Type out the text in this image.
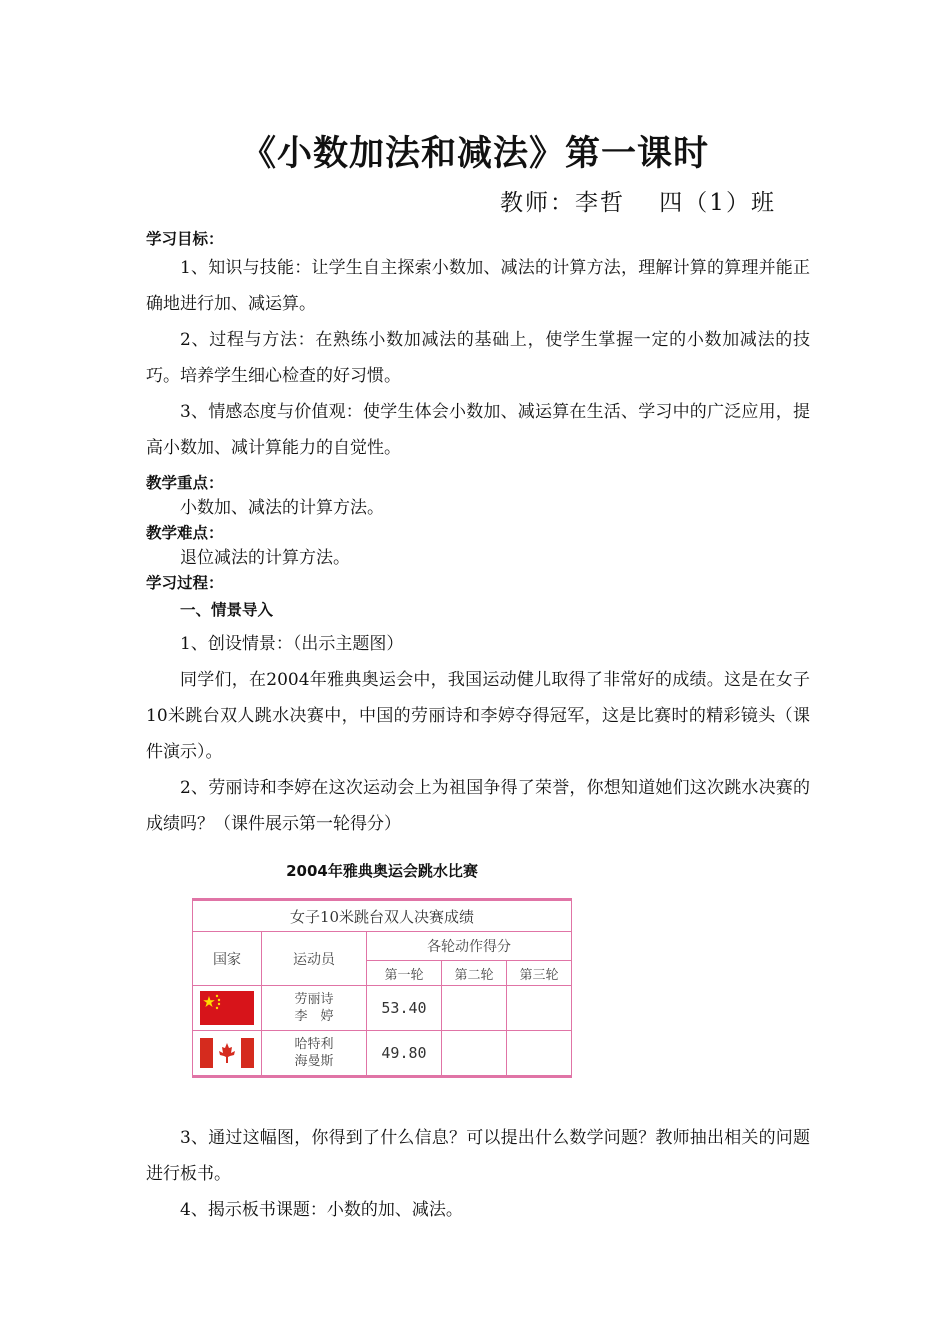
《小数加法和减法》第一课时
教师：李哲　 四（1）班
学习目标：
1、知识与技能：让学生自主探索小数加、减法的计算方法，理解计算的算理并能正确地进行加、减运算。
2、过程与方法：在熟练小数加减法的基础上，使学生掌握一定的小数加减法的技巧。培养学生细心检查的好习惯。
3、情感态度与价值观：使学生体会小数加、减运算在生活、学习中的广泛应用，提高小数加、减计算能力的自觉性。
教学重点：
小数加、减法的计算方法。
教学难点：
退位减法的计算方法。
学习过程：
一、情景导入
1、创设情景：（出示主题图）
同学们，在2004年雅典奥运会中，我国运动健儿取得了非常好的成绩。这是在女子10米跳台双人跳水决赛中，中国的劳丽诗和李婷夺得冠军，这是比赛时的精彩镜头（课件演示）。
2、劳丽诗和李婷在这次运动会上为祖国争得了荣誉，你想知道她们这次跳水决赛的成绩吗？（课件展示第一轮得分）
2004年雅典奥运会跳水比赛
女子10米跳台双人决赛成绩				
国家	运动员	各轮动作得分		
		第一轮	第二轮	第三轮

劳丽诗
李　婷	53.40		

哈特利
海曼斯	49.80		
3、通过这幅图，你得到了什么信息？可以提出什么数学问题？教师抽出相关的问题进行板书。
4、揭示板书课题：小数的加、减法。
